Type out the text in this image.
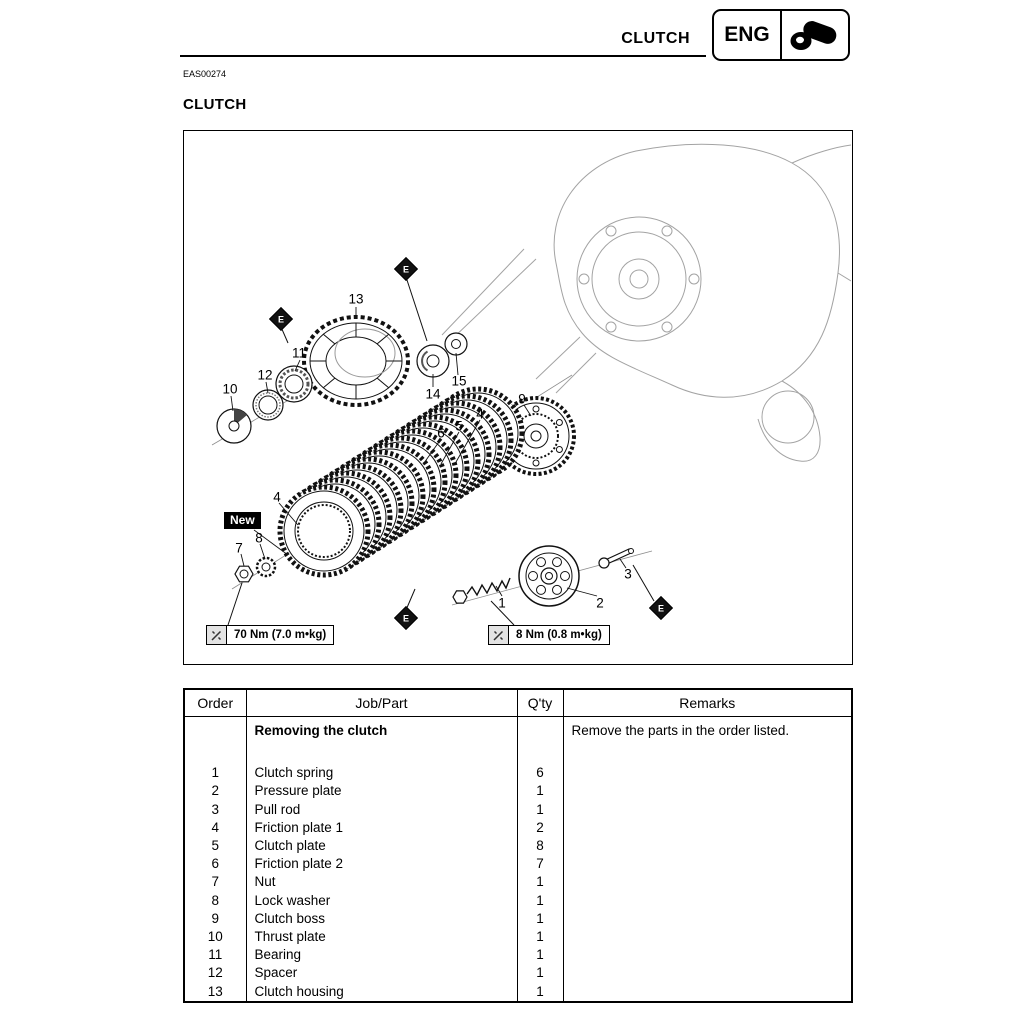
CLUTCH	ENG
EAS00274
CLUTCH
1	2
3
4
4
5
6
7
8
9
10
11
12
13
14
15
E
E
E
E
New
70 Nm (7.0 m•kg)	8 Nm (0.8 m•kg)
Order	Job/Part	Q'ty	Remarks
	Removing the clutch		Remove the parts in the order listed.
1	Clutch spring	6	
2	Pressure plate	1	
3	Pull rod	1	
4	Friction plate 1	2	
5	Clutch plate	8	
6	Friction plate 2	7	
7	Nut	1	
8	Lock washer	1	
9	Clutch boss	1	
10	Thrust plate	1	
11	Bearing	1	
12	Spacer	1	
13	Clutch housing	1	
